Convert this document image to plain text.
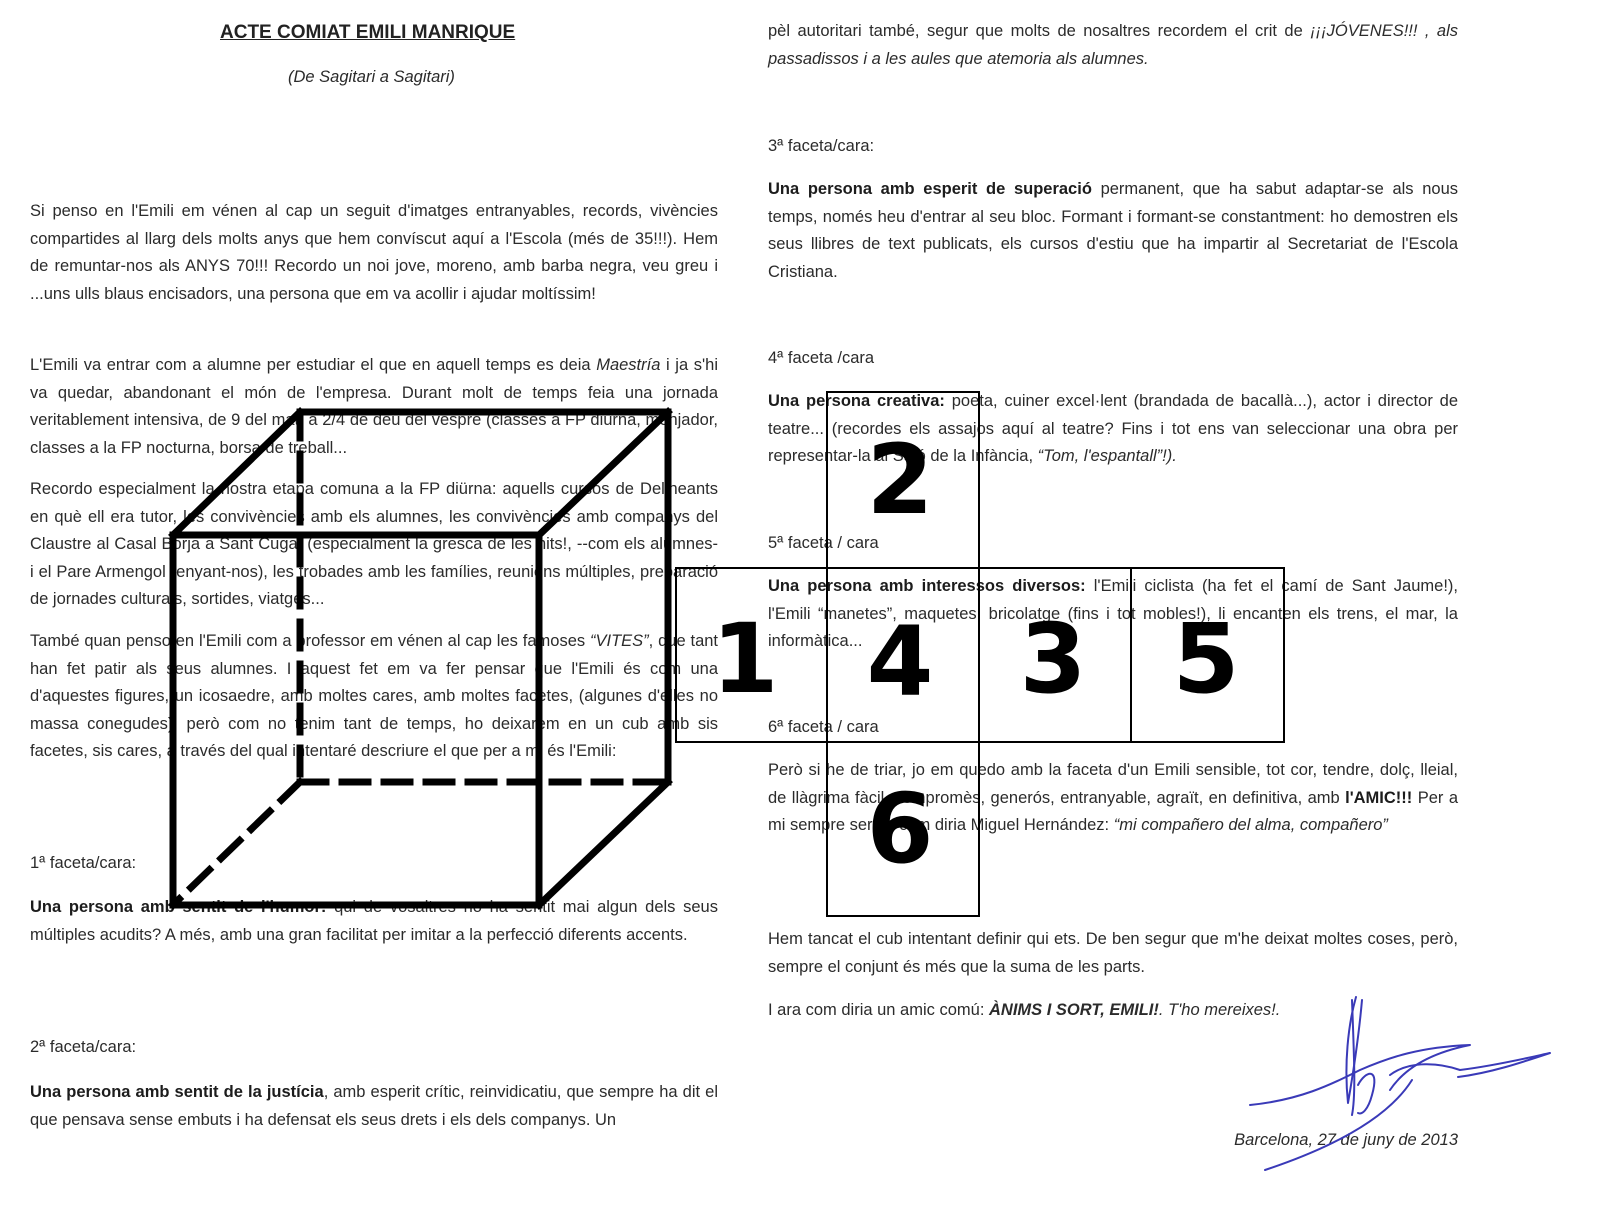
ACTE COMIAT EMILI MANRIQUE
(De Sagitari a Sagitari)

Si penso en l'Emili em vénen al cap un seguit d'imatges entranyables, records, vivències compartides al llarg dels molts anys que hem convíscut aquí a l'Escola (més de 35!!!). Hem de remuntar-nos als ANYS 70!!! Recordo un noi jove, moreno, amb barba negra, veu greu i ...uns ulls blaus encisadors, una persona que em va acollir i ajudar moltíssim!

L'Emili va entrar com a alumne per estudiar el que en aquell temps es deia Maestría i ja s'hi va quedar, abandonant el món de l'empresa. Durant molt de temps feia una jornada veritablement intensiva, de 9 del matí a 2/4 de deu del vespre (classes a FP diürna, menjador, classes a la FP nocturna, borsa de treball...

Recordo especialment la nostra etapa comuna a la FP diürna: aquells cursos de Delineants en què ell era tutor, les convivències amb els alumnes, les convivències amb companys del Claustre al Casal Borja a Sant Cugat (especialment la gresca de les nits!, --com els alumnes- i el Pare Armengol renyant-nos), les trobades amb les famílies, reunions múltiples, preparació de jornades culturals, sortides, viatges...

També quan penso en l'Emili com a professor em vénen al cap les famoses “VITES”, que tant han fet patir als seus alumnes. I aquest fet em va fer pensar que l'Emili és com una d'aquestes figures, un icosaedre, amb moltes cares, amb moltes facetes, (algunes d'elles no massa conegudes), però com no tenim tant de temps, ho deixarem en un cub amb sis facetes, sis cares, a través del qual intentaré descriure el que per a mi és l'Emili:

1ª faceta/cara:

Una persona amb sentit de l'humor: qui de vosaltres no ha sentit mai algun dels seus múltiples acudits? A més, amb una gran facilitat per imitar a la perfecció diferents accents.

2ª faceta/cara:

Una persona amb sentit de la justícia, amb esperit crític, reinvidicatiu, que sempre ha dit el que pensava sense embuts i ha defensat els seus drets i els dels companys. Un

pèl autoritari també, segur que molts de nosaltres recordem el crit de ¡¡¡JÓVENES!!! , als passadissos i a les aules que atemoria als alumnes.

3ª faceta/cara:

Una persona amb esperit de superació permanent, que ha sabut adaptar-se als nous temps, només heu d'entrar al seu bloc. Formant i formant-se constantment: ho demostren els seus llibres de text publicats, els cursos d'estiu que ha impartir al Secretariat de l'Escola Cristiana.

4ª faceta /cara

Una persona creativa: poeta, cuiner excel·lent (brandada de bacallà...), actor i director de teatre... (recordes els assajos aquí al teatre? Fins i tot ens van seleccionar una obra per representar-la al Saló de la Infància, “Tom, l'espantall”!).

5ª faceta / cara

Una persona amb interessos diversos: l'Emili ciclista (ha fet el camí de Sant Jaume!), l'Emili “manetes”, maquetes, bricolatge (fins i tot mobles!), li encanten els trens, el mar, la informàtica...

6ª faceta / cara

Però si he de triar, jo em quedo amb la faceta d'un Emili sensible, tot cor, tendre, dolç, lleial, de llàgrima fàcil, compromès, generós, entranyable, agraït, en definitiva, amb l'AMIC!!! Per a mi sempre seràs, com diria Miguel Hernández: “mi compañero del alma, compañero”

Hem tancat el cub intentant definir qui ets. De ben segur que m'he deixat moltes coses, però, sempre el conjunt és més que la suma de les parts.

I ara com diria un amic comú: ÀNIMS I SORT, EMILI!. T'ho mereixes!.

Barcelona, 27 de juny de 2013

2
1 4 3 5
6
